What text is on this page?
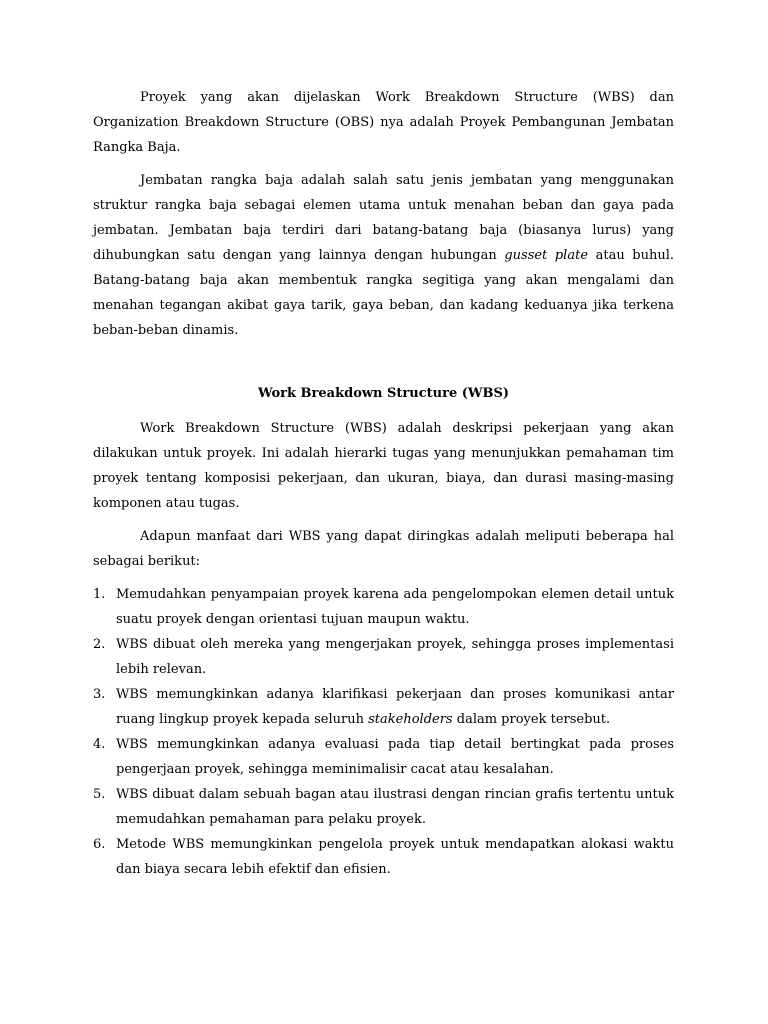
Proyek yang akan dijelaskan Work Breakdown Structure (WBS) dan Organization Breakdown Structure (OBS) nya adalah Proyek Pembangunan Jembatan Rangka Baja.

Jembatan rangka baja adalah salah satu jenis jembatan yang menggunakan struktur rangka baja sebagai elemen utama untuk menahan beban dan gaya pada jembatan. Jembatan baja terdiri dari batang-batang baja (biasanya lurus) yang dihubungkan satu dengan yang lainnya dengan hubungan gusset plate atau buhul. Batang-batang baja akan membentuk rangka segitiga yang akan mengalami dan menahan tegangan akibat gaya tarik, gaya beban, dan kadang keduanya jika terkena beban-beban dinamis.

Work Breakdown Structure (WBS)

Work Breakdown Structure (WBS) adalah deskripsi pekerjaan yang akan dilakukan untuk proyek. Ini adalah hierarki tugas yang menunjukkan pemahaman tim proyek tentang komposisi pekerjaan, dan ukuran, biaya, dan durasi masing-masing komponen atau tugas.

Adapun manfaat dari WBS yang dapat diringkas adalah meliputi beberapa hal sebagai berikut:

1. Memudahkan penyampaian proyek karena ada pengelompokan elemen detail untuk suatu proyek dengan orientasi tujuan maupun waktu.
2. WBS dibuat oleh mereka yang mengerjakan proyek, sehingga proses implementasi lebih relevan.
3. WBS memungkinkan adanya klarifikasi pekerjaan dan proses komunikasi antar ruang lingkup proyek kepada seluruh stakeholders dalam proyek tersebut.
4. WBS memungkinkan adanya evaluasi pada tiap detail bertingkat pada proses pengerjaan proyek, sehingga meminimalisir cacat atau kesalahan.
5. WBS dibuat dalam sebuah bagan atau ilustrasi dengan rincian grafis tertentu untuk memudahkan pemahaman para pelaku proyek.
6. Metode WBS memungkinkan pengelola proyek untuk mendapatkan alokasi waktu dan biaya secara lebih efektif dan efisien.
